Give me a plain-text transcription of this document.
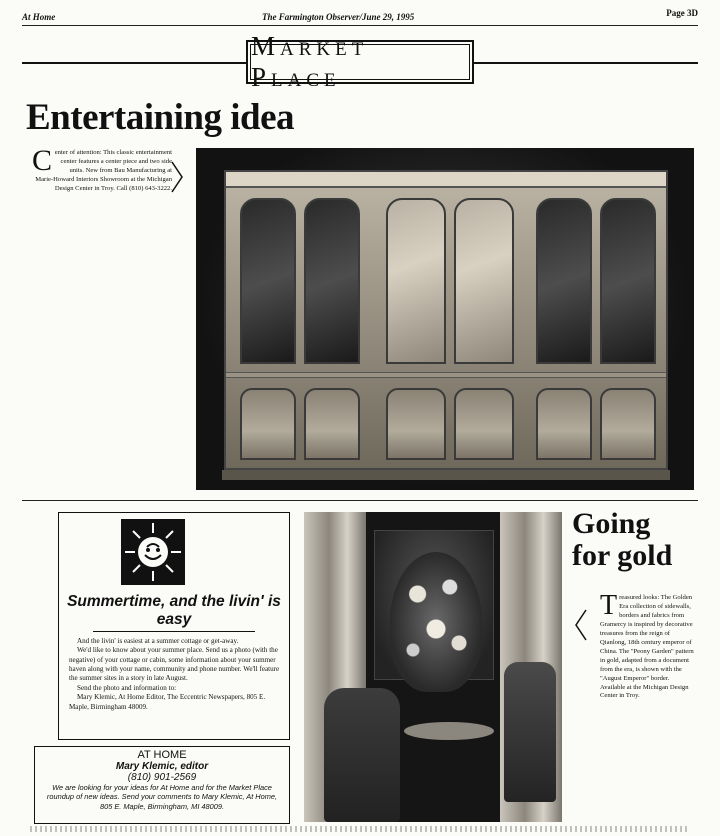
At Home	The Farmington Observer/June 29, 1995	Page 3D
Market Place
Entertaining idea
Center of attention: This classic entertainment center features a center piece and two side units. New from Bau Manufacturing at Marie-Howard Interiors Showroom at the Michigan Design Center in Troy. Call (810) 643-3222.
Summertime, and the livin' is easy

And the livin' is easiest at a summer cottage or get-away.

We'd like to know about your summer place. Send us a photo (with the negative) of your cottage or cabin, some information about your summer haven along with your name, community and phone number. We'll feature the summer sites in a story in late August.

Send the photo and information to:

Mary Klemic, At Home Editor, The Eccentric Newspapers, 805 E. Maple, Birmingham 48009.

AT HOME
Mary Klemic, editor
(810) 901-2569
We are looking for your ideas for At Home and for the Market Place roundup of new ideas. Send your comments to Mary Klemic, At Home, 805 E. Maple, Birmingham, MI 48009.
Going
for gold
Treasured looks: The Golden Era collection of sidewalls, borders and fabrics from Gramercy is inspired by decorative treasures from the reign of Qianlong, 18th century emperor of China. The "Peony Garden" pattern in gold, adapted from a document from the era, is shown with the "August Emperor" border. Available at the Michigan Design Center in Troy.
